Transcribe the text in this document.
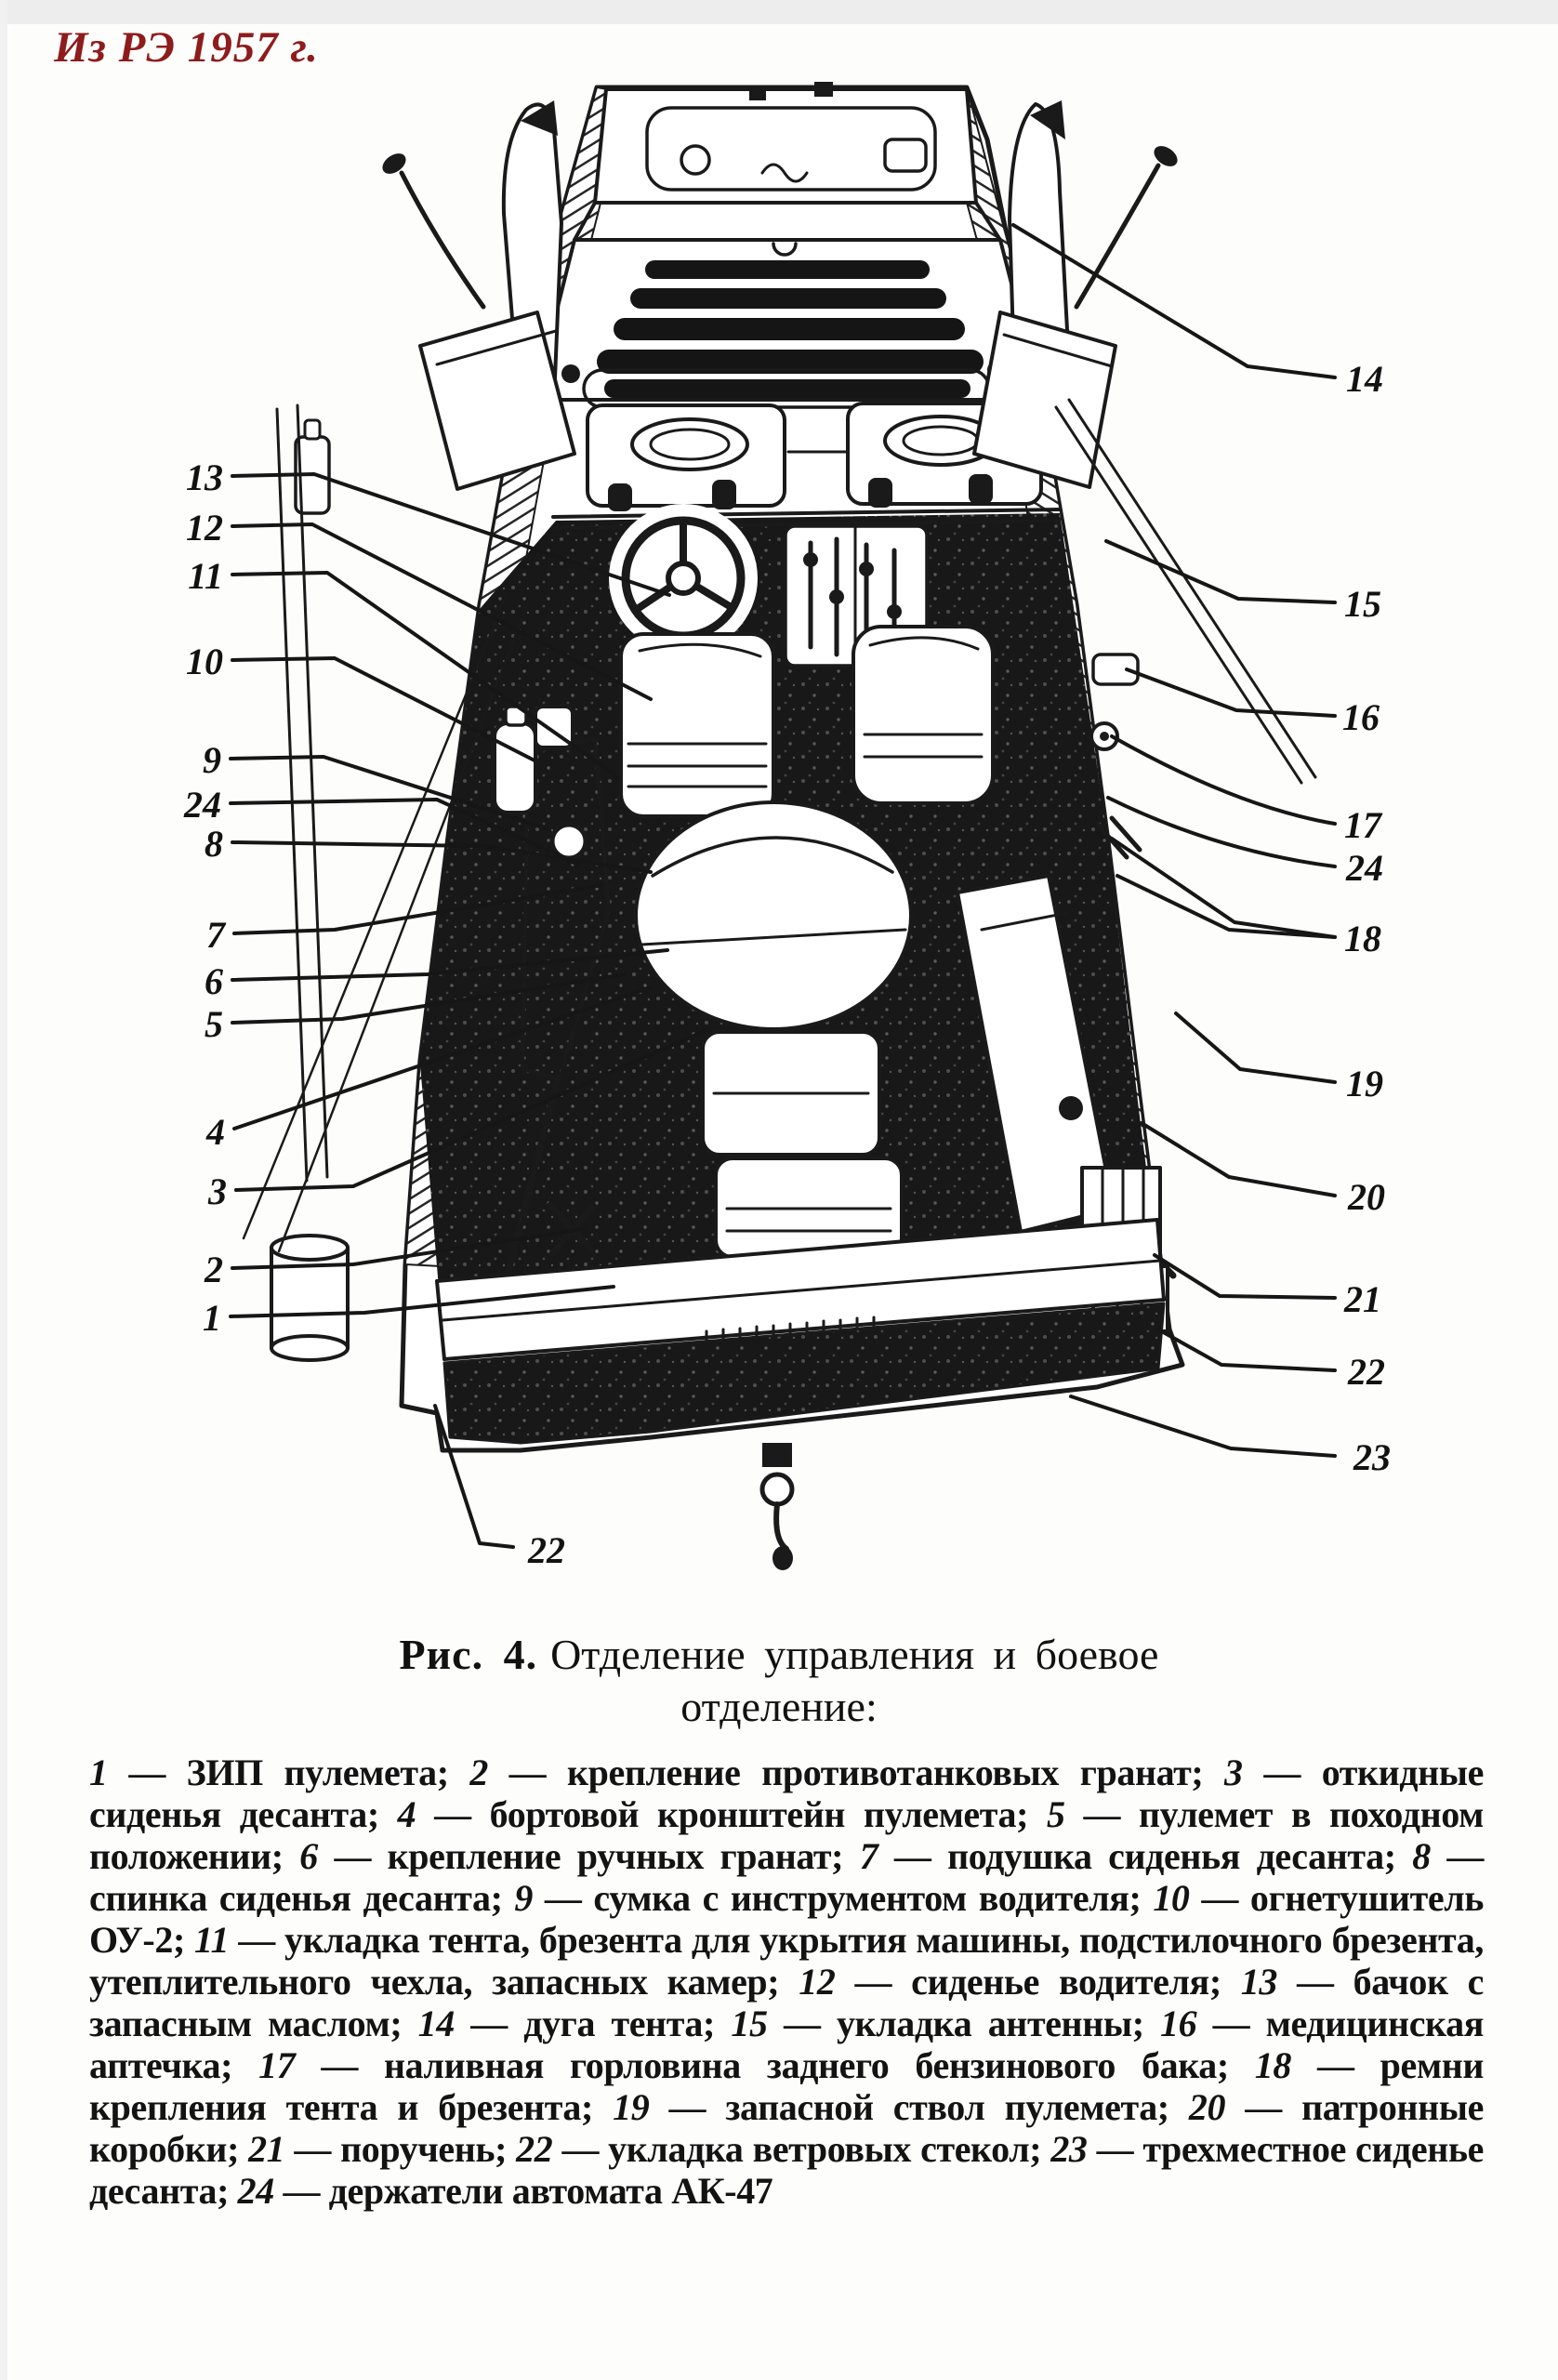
Из РЭ 1957 г.
13
12
11
10
9
24
8
7
6
5
4
3
2
1
14
15
16
17
24
18
19
20
21
22
23
22
Рис. 4. Отделение управления и боевое отделение:
1 — ЗИП пулемета; 2 — крепление противотанковых гранат; 3 — откидные сиденья десанта; 4 — бортовой кронштейн пулемета; 5 — пулемет в походном положении; 6 — крепление ручных гранат; 7 — подушка сиденья десанта; 8 — спинка сиденья десанта; 9 — сумка с инструментом водителя; 10 — огнетушитель ОУ-2; 11 — укладка тента, брезента для укрытия машины, подстилочного брезента, утеплительного чехла, запасных камер; 12 — сиденье водителя; 13 — бачок с запасным маслом; 14 — дуга тента; 15 — укладка антенны; 16 — медицинская аптечка; 17 — наливная горловина заднего бензинового бака; 18 — ремни крепления тента и брезента; 19 — запасной ствол пулемета; 20 — патронные коробки; 21 — поручень; 22 — укладка ветровых стекол; 23 — трехместное сиденье десанта; 24 — держатели автомата АК-47
